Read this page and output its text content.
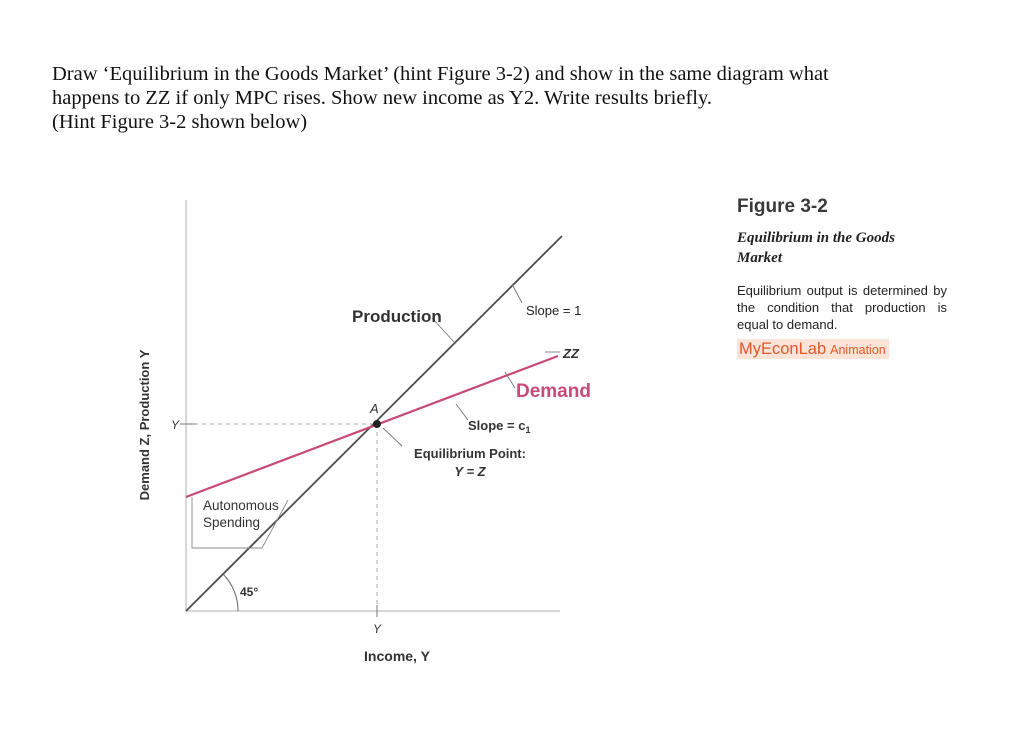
Draw ‘Equilibrium in the Goods Market’ (hint Figure 3-2) and show in the same diagram what
happens to ZZ if only MPC rises. Show new income as Y2. Write results briefly.
(Hint Figure 3-2 shown below)
Demand Z, Production Y
Income, Y
Y
Y
Production	Slope = 1
ZZ
Demand
A
Slope = $c_1$
Equilibrium Point:
Y = Z
Autonomous
Spending
45°
Figure 3-2
Equilibrium in the Goods Market
Equilibrium output is determined by the condition that production is equal to demand.
MyEconLab Animation
